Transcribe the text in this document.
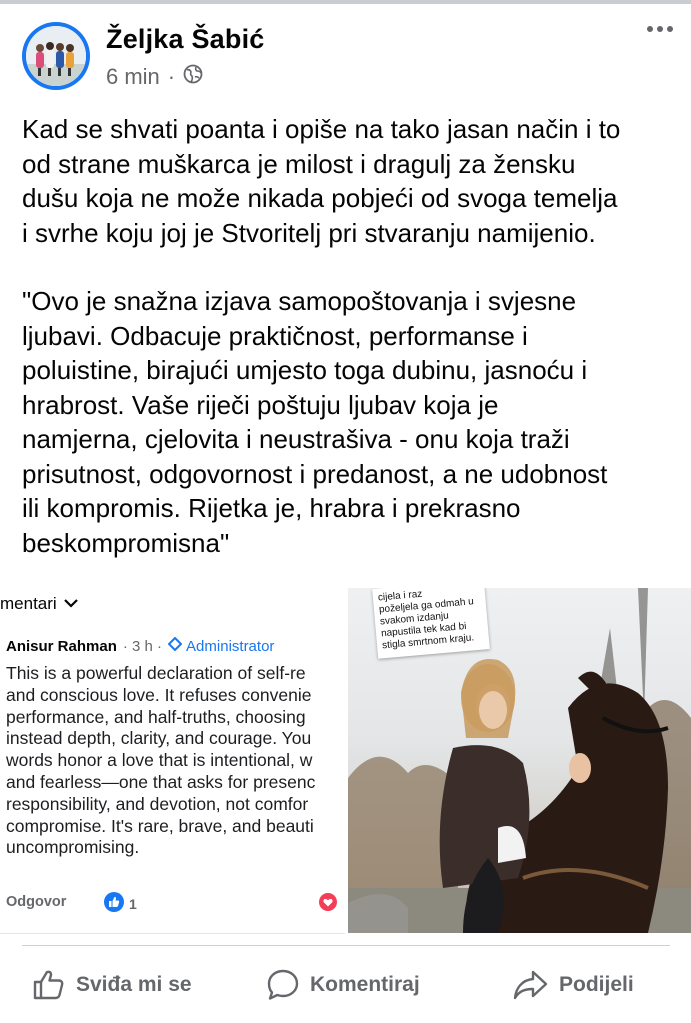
Željka Šabić
6 min ·

Kad se shvati poanta i opiše na tako jasan način i to
od strane muškarca je milost i dragulj za žensku
dušu koja ne može nikada pobjeći od svoga temelja
i svrhe koju joj je Stvoritelj pri stvaranju namijenio.

"Ovo je snažna izjava samopoštovanja i svjesne
ljubavi. Odbacuje praktičnost, performanse i
poluistine, birajući umjesto toga dubinu, jasnoću i
hrabrost. Vaše riječi poštuju ljubav koja je
namjerna, cjelovita i neustrašiva - onu koja traži
prisutnost, odgovornost i predanost, a ne udobnost
ili kompromis. Rijetka je, hrabra i prekrasno
beskompromisna"

mentari
Anisur Rahman · 3 h · Administrator
This is a powerful declaration of self-re
and conscious love. It refuses convenie
performance, and half-truths, choosing
instead depth, clarity, and courage. You
words honor a love that is intentional, w
and fearless—one that asks for presenc
responsibility, and devotion, not comfor
compromise. It's rare, brave, and beauti
uncompromising.
Odgovor	1
cijela i raz
poželjela ga odmah u
svakom izdanju
napustila tek kad bi
stigla smrtnom kraju.
Sviđa mi se	Komentiraj	Podijeli
